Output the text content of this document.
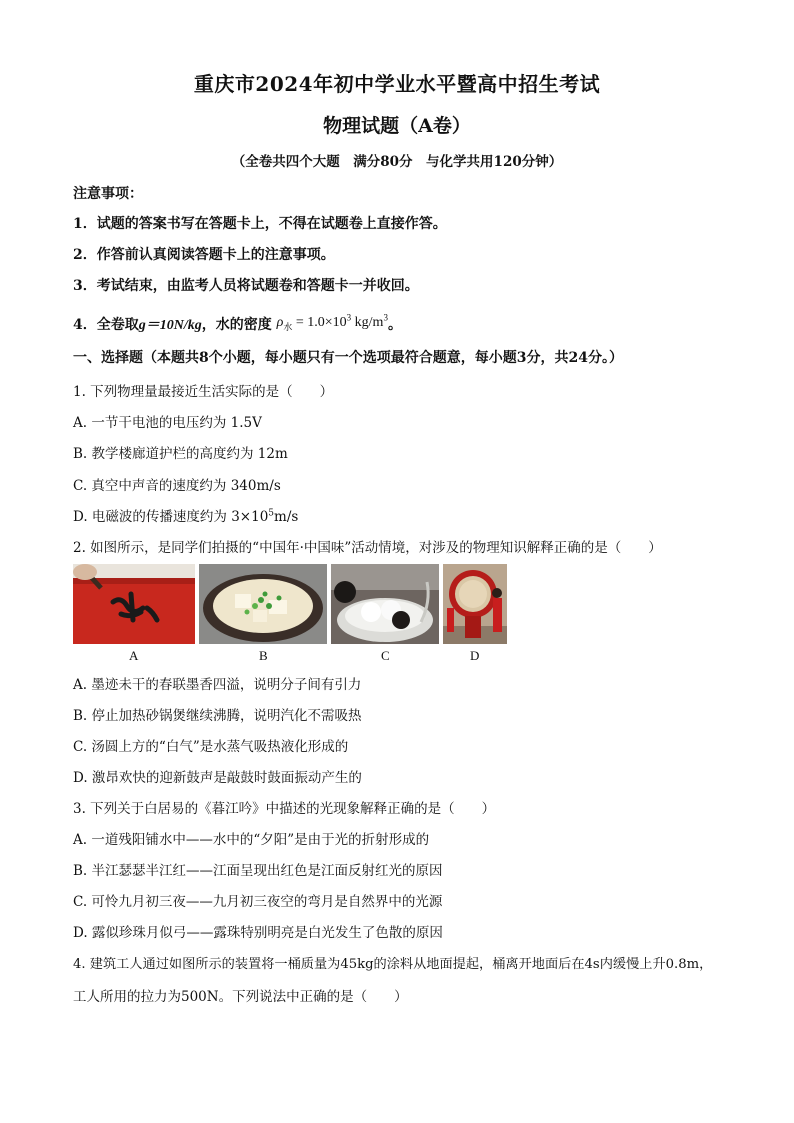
重庆市2024年初中学业水平暨高中招生考试
物理试题（A卷）
（全卷共四个大题　满分80分　与化学共用120分钟）
注意事项：
1．试题的答案书写在答题卡上，不得在试题卷上直接作答。
2．作答前认真阅读答题卡上的注意事项。
3．考试结束，由监考人员将试题卷和答题卡一并收回。
4．全卷取g＝10N/kg，水的密度 $\rho_水 = 1.0\times 10^3$ $kg/m^3$。
一、选择题（本题共8个小题，每小题只有一个选项最符合题意，每小题3分，共24分。）
1. 下列物理量最接近生活实际的是（　　）
A. 一节干电池的电压约为 1.5V
B. 教学楼廊道护栏的高度约为 12m
C. 真空中声音的速度约为 340m/s
D. 电磁波的传播速度约为 $3\times 10^5m/s$
2. 如图所示，是同学们拍摄的“中国年·中国味”活动情境，对涉及的物理知识解释正确的是（　　）
A	B	C	D
A. 墨迹未干的春联墨香四溢，说明分子间有引力
B. 停止加热砂锅煲继续沸腾，说明汽化不需吸热
C. 汤圆上方的“白气”是水蒸气吸热液化形成的
D. 激昂欢快的迎新鼓声是敲鼓时鼓面振动产生的
3. 下列关于白居易的《暮江吟》中描述的光现象解释正确的是（　　）
A. 一道残阳铺水中——水中的“夕阳”是由于光的折射形成的
B. 半江瑟瑟半江红——江面呈现出红色是江面反射红光的原因
C. 可怜九月初三夜——九月初三夜空的弯月是自然界中的光源
D. 露似珍珠月似弓——露珠特别明亮是白光发生了色散的原因
4. 建筑工人通过如图所示的装置将一桶质量为45kg的涂料从地面提起，桶离开地面后在4s内缓慢上升0.8m，
工人所用的拉力为500N。下列说法中正确的是（　　）
